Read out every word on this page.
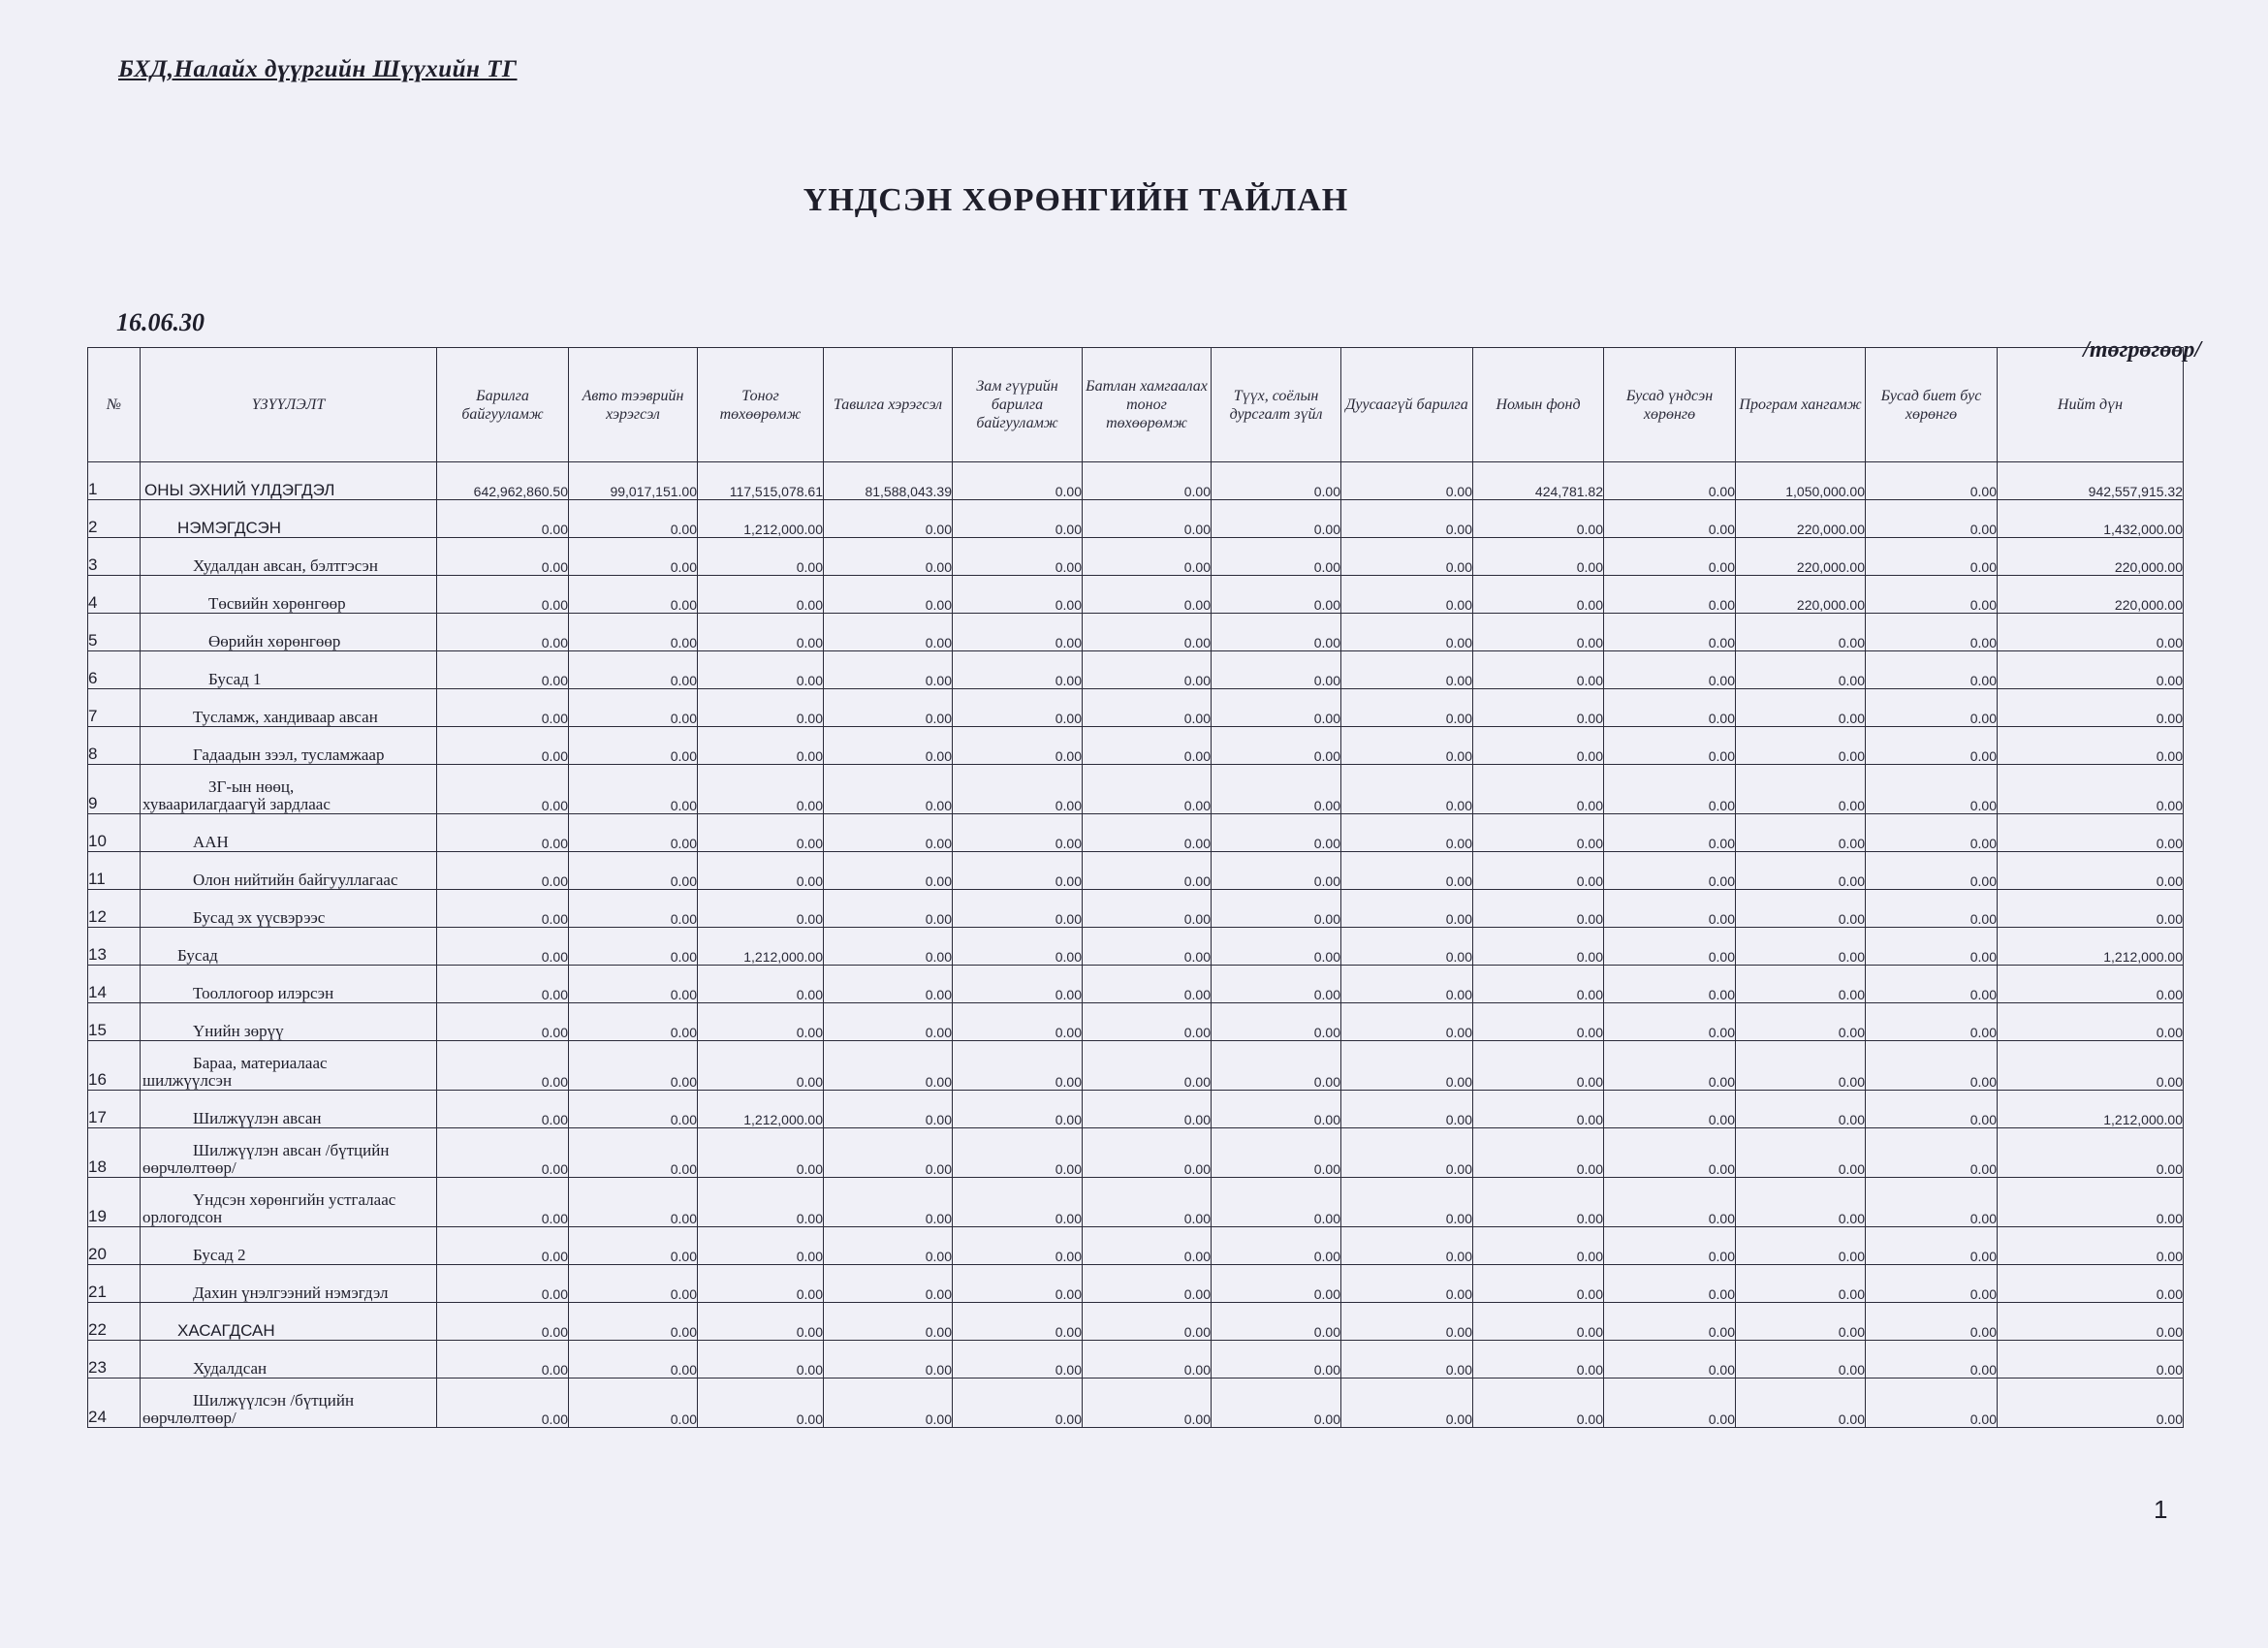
БХД,Налайх дүүргийн Шүүхийн ТГ
ҮНДСЭН ХӨРӨНГИЙН ТАЙЛАН
16.06.30
/төгрөгөөр/
№	ҮЗҮҮЛЭЛТ	Барилга байгууламж	Авто тээврийн хэрэгсэл	Тоног төхөөрөмж	Тавилга хэрэгсэл	Зам гүүрийн барилга байгууламж	Батлан хамгаалах тоног төхөөрөмж	Түүх, соёлын дурсгалт зүйл	Дуусаагүй барилга	Номын фонд	Бусад үндсэн хөрөнгө	Програм хангамж	Бусад биет бус хөрөнгө	Нийт дүн
1	ОНЫ ЭХНИЙ ҮЛДЭГДЭЛ	642,962,860.50	99,017,151.00	117,515,078.61	81,588,043.39	0.00	0.00	0.00	0.00	424,781.82	0.00	1,050,000.00	0.00	942,557,915.32
2	НЭМЭГДСЭН	0.00	0.00	1,212,000.00	0.00	0.00	0.00	0.00	0.00	0.00	0.00	220,000.00	0.00	1,432,000.00
3	Худалдан авсан, бэлтгэсэн	0.00	0.00	0.00	0.00	0.00	0.00	0.00	0.00	0.00	0.00	220,000.00	0.00	220,000.00
4	Төсвийн хөрөнгөөр	0.00	0.00	0.00	0.00	0.00	0.00	0.00	0.00	0.00	0.00	220,000.00	0.00	220,000.00
5	Өөрийн хөрөнгөөр	0.00	0.00	0.00	0.00	0.00	0.00	0.00	0.00	0.00	0.00	0.00	0.00	0.00
6	Бусад 1	0.00	0.00	0.00	0.00	0.00	0.00	0.00	0.00	0.00	0.00	0.00	0.00	0.00
7	Тусламж, хандиваар авсан	0.00	0.00	0.00	0.00	0.00	0.00	0.00	0.00	0.00	0.00	0.00	0.00	0.00
8	Гадаадын зээл, тусламжаар	0.00	0.00	0.00	0.00	0.00	0.00	0.00	0.00	0.00	0.00	0.00	0.00	0.00
9	ЗГ-ын нөөц,
хуваарилагдаагүй зардлаас	0.00	0.00	0.00	0.00	0.00	0.00	0.00	0.00	0.00	0.00	0.00	0.00	0.00
10	ААН	0.00	0.00	0.00	0.00	0.00	0.00	0.00	0.00	0.00	0.00	0.00	0.00	0.00
11	Олон нийтийн байгууллагаас	0.00	0.00	0.00	0.00	0.00	0.00	0.00	0.00	0.00	0.00	0.00	0.00	0.00
12	Бусад эх үүсвэрээс	0.00	0.00	0.00	0.00	0.00	0.00	0.00	0.00	0.00	0.00	0.00	0.00	0.00
13	Бусад	0.00	0.00	1,212,000.00	0.00	0.00	0.00	0.00	0.00	0.00	0.00	0.00	0.00	1,212,000.00
14	Тооллогоор илэрсэн	0.00	0.00	0.00	0.00	0.00	0.00	0.00	0.00	0.00	0.00	0.00	0.00	0.00
15	Үнийн зөрүү	0.00	0.00	0.00	0.00	0.00	0.00	0.00	0.00	0.00	0.00	0.00	0.00	0.00
16	Бараа, материалаас
шилжүүлсэн	0.00	0.00	0.00	0.00	0.00	0.00	0.00	0.00	0.00	0.00	0.00	0.00	0.00
17	Шилжүүлэн авсан	0.00	0.00	1,212,000.00	0.00	0.00	0.00	0.00	0.00	0.00	0.00	0.00	0.00	1,212,000.00
18	Шилжүүлэн авсан /бүтцийн
өөрчлөлтөөр/	0.00	0.00	0.00	0.00	0.00	0.00	0.00	0.00	0.00	0.00	0.00	0.00	0.00
19	Үндсэн хөрөнгийн устгалаас
орлогодсон	0.00	0.00	0.00	0.00	0.00	0.00	0.00	0.00	0.00	0.00	0.00	0.00	0.00
20	Бусад 2	0.00	0.00	0.00	0.00	0.00	0.00	0.00	0.00	0.00	0.00	0.00	0.00	0.00
21	Дахин үнэлгээний нэмэгдэл	0.00	0.00	0.00	0.00	0.00	0.00	0.00	0.00	0.00	0.00	0.00	0.00	0.00
22	ХАСАГДСАН	0.00	0.00	0.00	0.00	0.00	0.00	0.00	0.00	0.00	0.00	0.00	0.00	0.00
23	Худалдсан	0.00	0.00	0.00	0.00	0.00	0.00	0.00	0.00	0.00	0.00	0.00	0.00	0.00
24	Шилжүүлсэн /бүтцийн
өөрчлөлтөөр/	0.00	0.00	0.00	0.00	0.00	0.00	0.00	0.00	0.00	0.00	0.00	0.00	0.00
1
